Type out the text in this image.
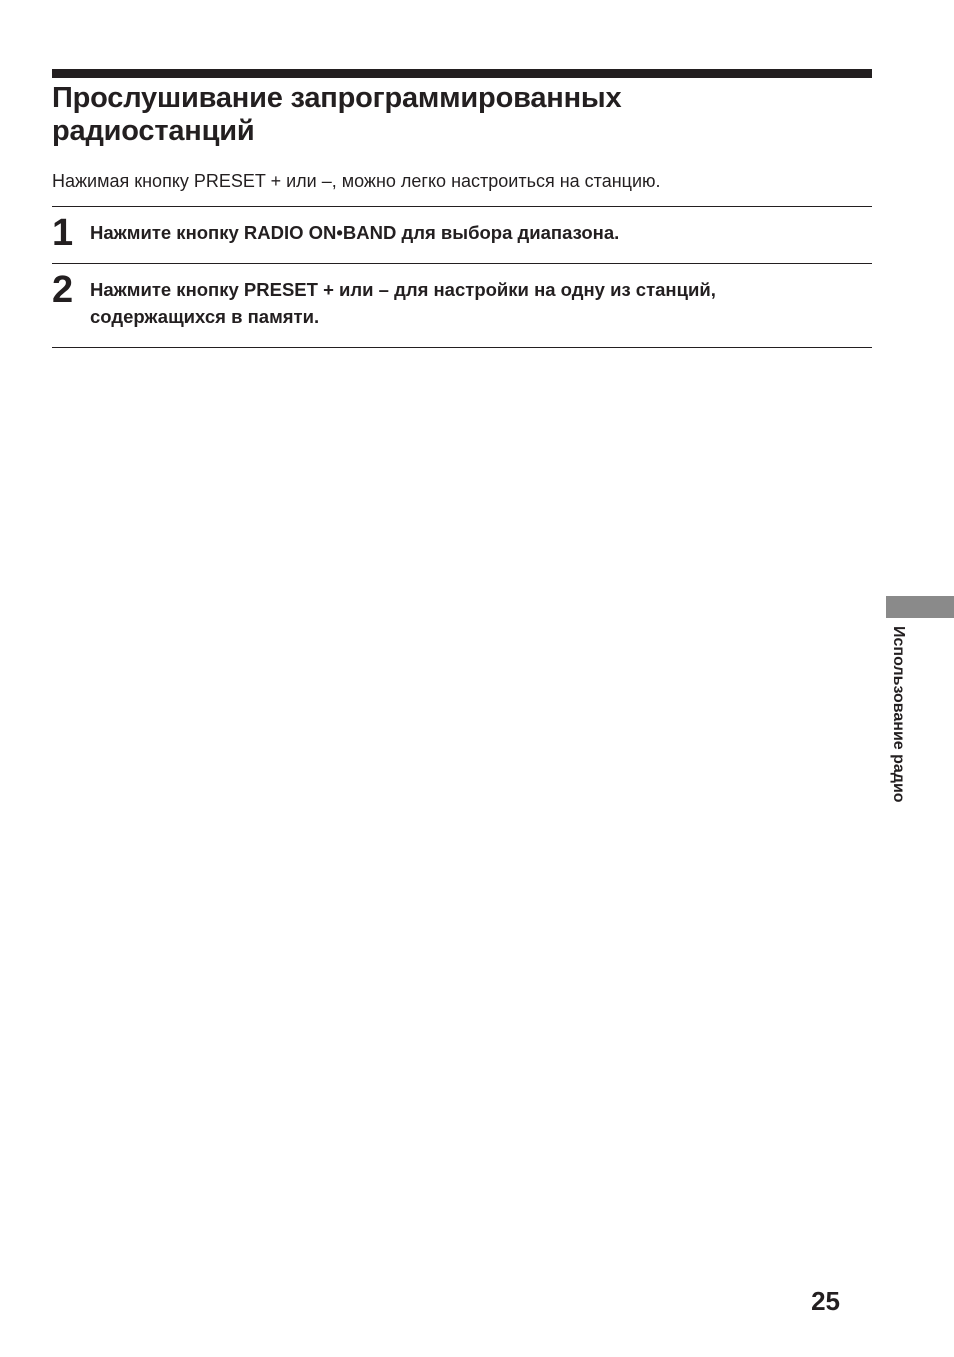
Прослушивание запрограммированных
радиостанций

Нажимая кнопку PRESET + или –, можно легко настроиться на станцию.

1 Нажмите кнопку RADIO ON•BAND для выбора диапазона.

2 Нажмите кнопку PRESET + или – для настройки на одну из станций,
содержащихся в памяти.

Использование радио
25
